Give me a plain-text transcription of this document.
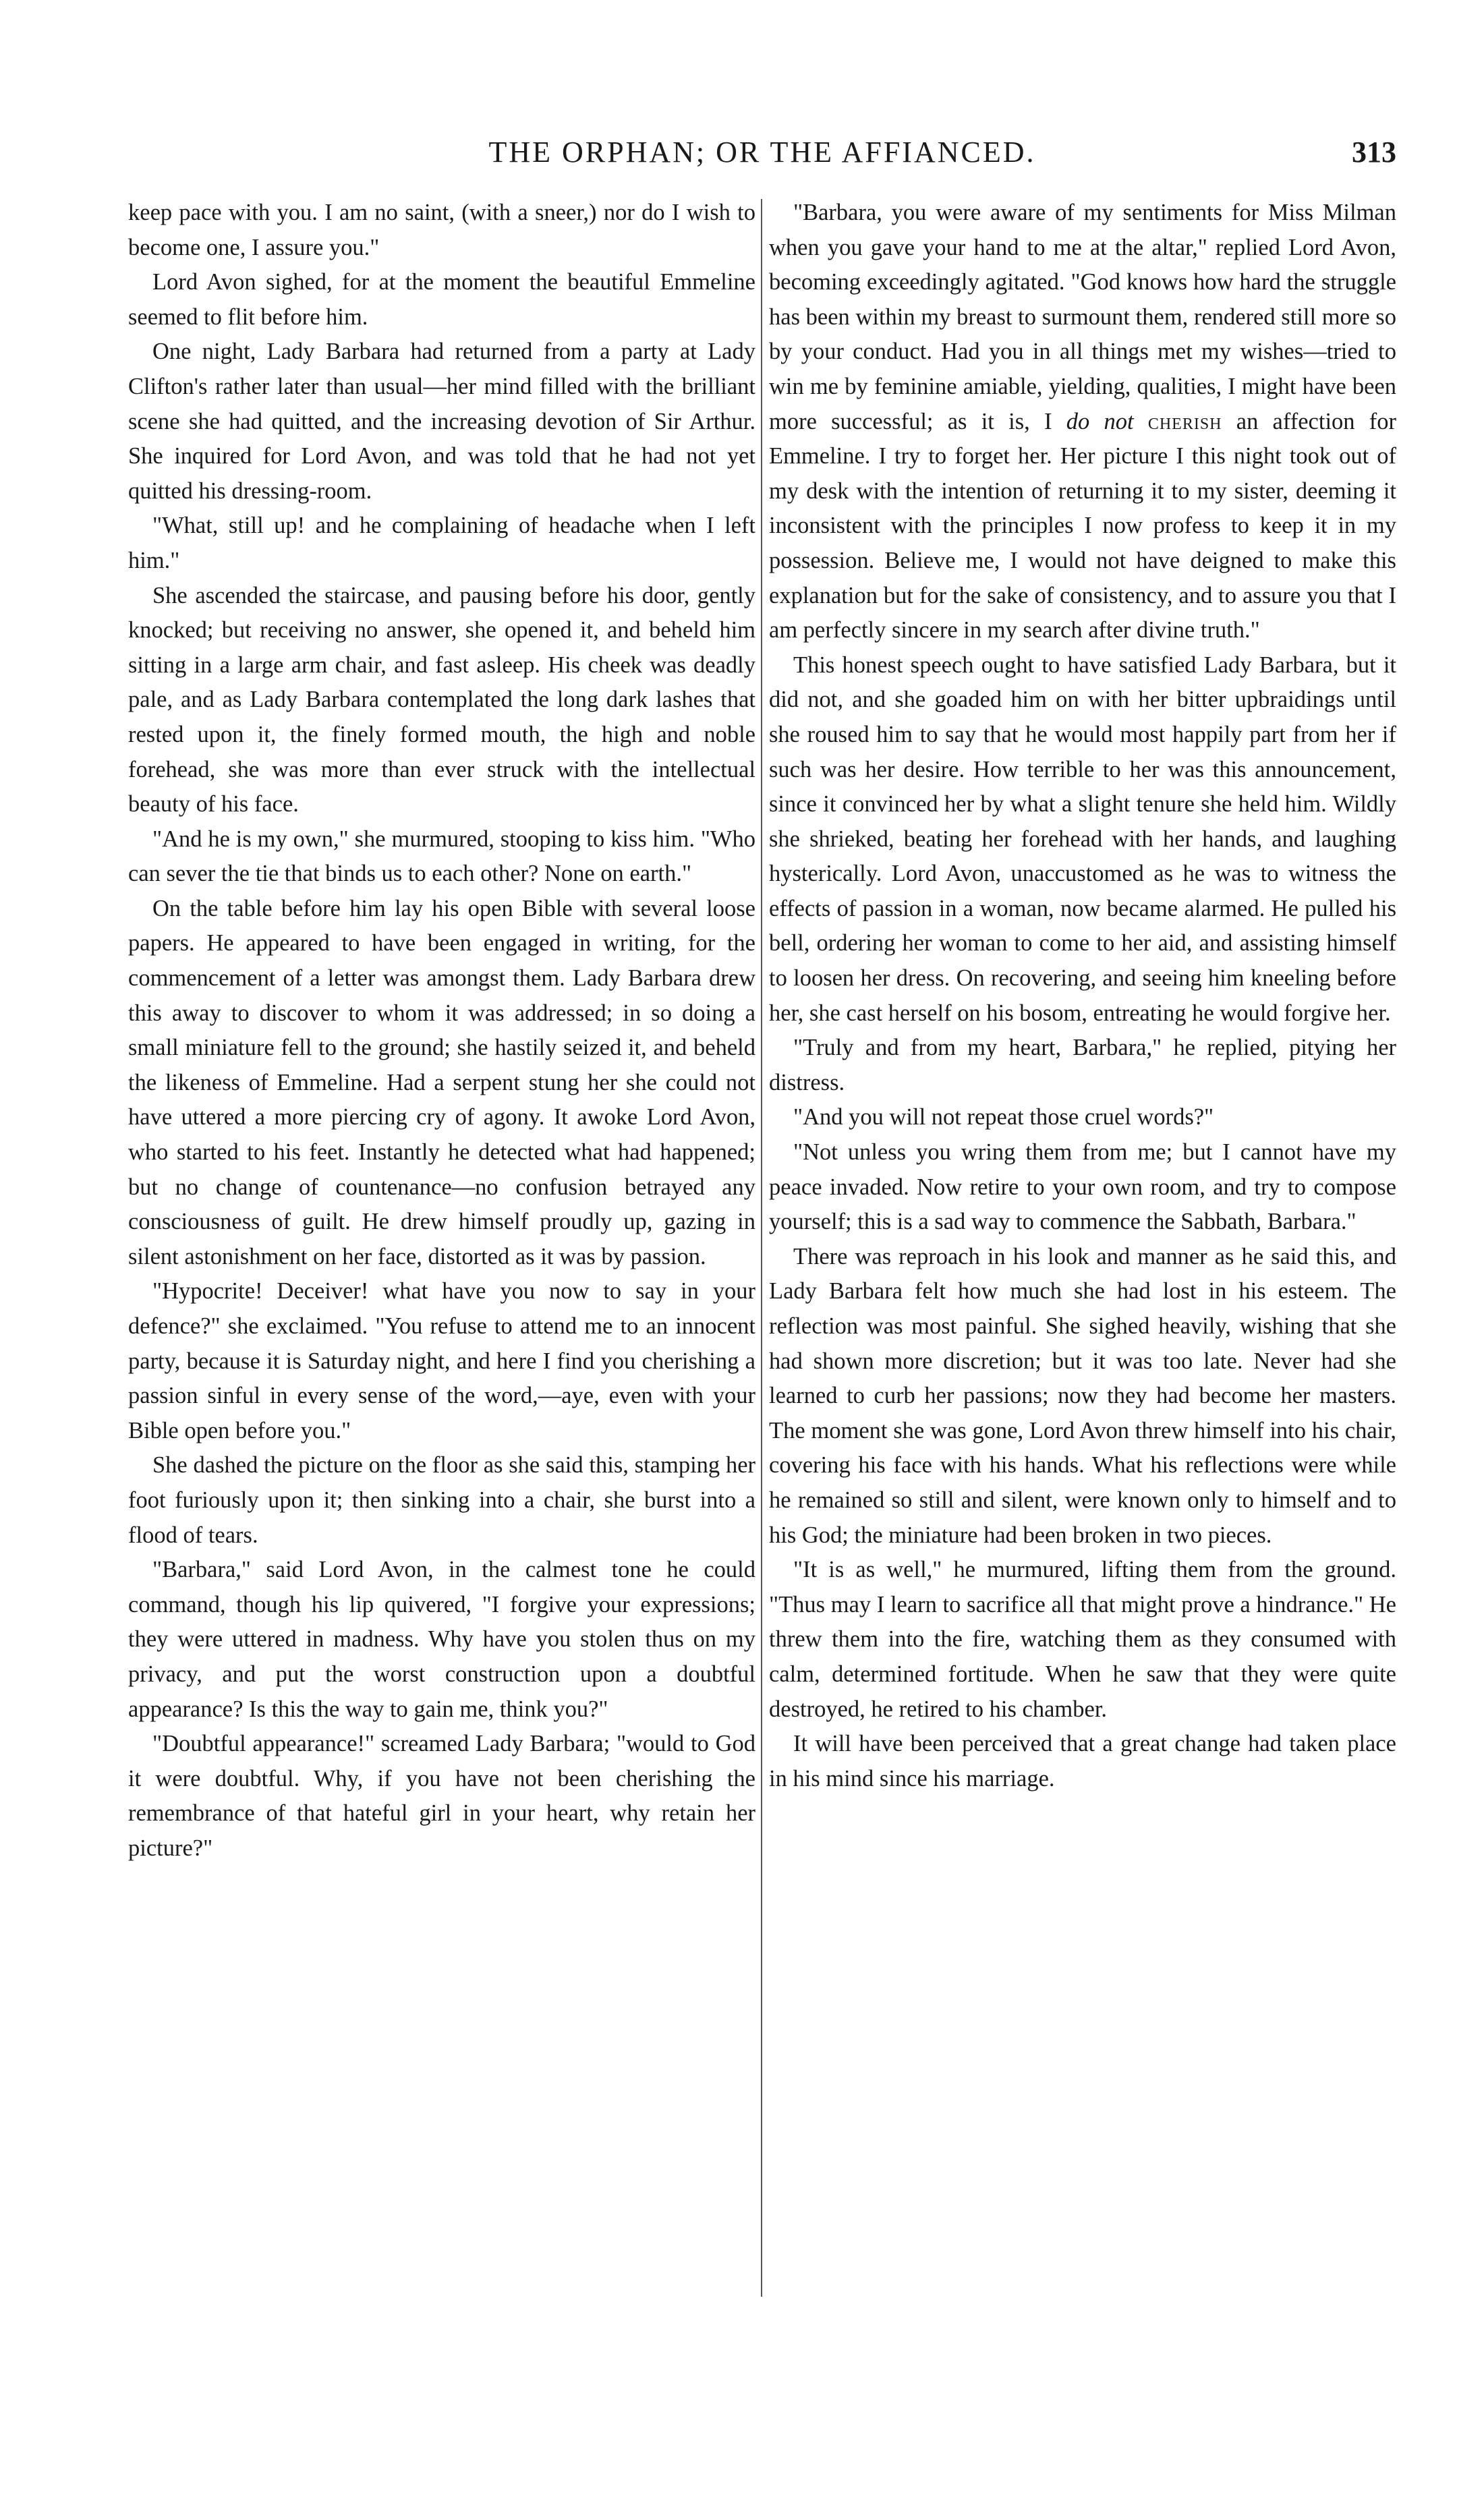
THE ORPHAN; OR THE AFFIANCED.	313

keep pace with you. I am no saint, (with a sneer,) nor do I wish to become one, I assure you."

Lord Avon sighed, for at the moment the beautiful Emmeline seemed to flit before him.

One night, Lady Barbara had returned from a party at Lady Clifton's rather later than usual—her mind filled with the brilliant scene she had quitted, and the increasing devotion of Sir Arthur. She inquired for Lord Avon, and was told that he had not yet quitted his dressing-room.

"What, still up! and he complaining of headache when I left him."

She ascended the staircase, and pausing before his door, gently knocked; but receiving no answer, she opened it, and beheld him sitting in a large arm chair, and fast asleep. His cheek was deadly pale, and as Lady Barbara contemplated the long dark lashes that rested upon it, the finely formed mouth, the high and noble forehead, she was more than ever struck with the intellectual beauty of his face.

"And he is my own," she murmured, stooping to kiss him. "Who can sever the tie that binds us to each other? None on earth."

On the table before him lay his open Bible with several loose papers. He appeared to have been engaged in writing, for the commencement of a letter was amongst them. Lady Barbara drew this away to discover to whom it was addressed; in so doing a small miniature fell to the ground; she hastily seized it, and beheld the likeness of Emmeline. Had a serpent stung her she could not have uttered a more piercing cry of agony. It awoke Lord Avon, who started to his feet. Instantly he detected what had happened; but no change of countenance—no confusion betrayed any consciousness of guilt. He drew himself proudly up, gazing in silent astonishment on her face, distorted as it was by passion.

"Hypocrite! Deceiver! what have you now to say in your defence?" she exclaimed. "You refuse to attend me to an innocent party, because it is Saturday night, and here I find you cherishing a passion sinful in every sense of the word,—aye, even with your Bible open before you."

She dashed the picture on the floor as she said this, stamping her foot furiously upon it; then sinking into a chair, she burst into a flood of tears.

"Barbara," said Lord Avon, in the calmest tone he could command, though his lip quivered, "I forgive your expressions; they were uttered in madness. Why have you stolen thus on my privacy, and put the worst construction upon a doubtful appearance? Is this the way to gain me, think you?"

"Doubtful appearance!" screamed Lady Barbara; "would to God it were doubtful. Why, if you have not been cherishing the remembrance of that hateful girl in your heart, why retain her picture?"

"Barbara, you were aware of my sentiments for Miss Milman when you gave your hand to me at the altar," replied Lord Avon, becoming exceedingly agitated. "God knows how hard the struggle has been within my breast to surmount them, rendered still more so by your conduct. Had you in all things met my wishes—tried to win me by feminine amiable, yielding, qualities, I might have been more successful; as it is, I do not cherish an affection for Emmeline. I try to forget her. Her picture I this night took out of my desk with the intention of returning it to my sister, deeming it inconsistent with the principles I now profess to keep it in my possession. Believe me, I would not have deigned to make this explanation but for the sake of consistency, and to assure you that I am perfectly sincere in my search after divine truth."

This honest speech ought to have satisfied Lady Barbara, but it did not, and she goaded him on with her bitter upbraidings until she roused him to say that he would most happily part from her if such was her desire. How terrible to her was this announcement, since it convinced her by what a slight tenure she held him. Wildly she shrieked, beating her forehead with her hands, and laughing hysterically. Lord Avon, unaccustomed as he was to witness the effects of passion in a woman, now became alarmed. He pulled his bell, ordering her woman to come to her aid, and assisting himself to loosen her dress. On recovering, and seeing him kneeling before her, she cast herself on his bosom, entreating he would forgive her.

"Truly and from my heart, Barbara," he replied, pitying her distress.

"And you will not repeat those cruel words?"

"Not unless you wring them from me; but I cannot have my peace invaded. Now retire to your own room, and try to compose yourself; this is a sad way to commence the Sabbath, Barbara."

There was reproach in his look and manner as he said this, and Lady Barbara felt how much she had lost in his esteem. The reflection was most painful. She sighed heavily, wishing that she had shown more discretion; but it was too late. Never had she learned to curb her passions; now they had become her masters. The moment she was gone, Lord Avon threw himself into his chair, covering his face with his hands. What his reflections were while he remained so still and silent, were known only to himself and to his God; the miniature had been broken in two pieces.

"It is as well," he murmured, lifting them from the ground. "Thus may I learn to sacrifice all that might prove a hindrance." He threw them into the fire, watching them as they consumed with calm, determined fortitude. When he saw that they were quite destroyed, he retired to his chamber.

It will have been perceived that a great change had taken place in his mind since his marriage.
